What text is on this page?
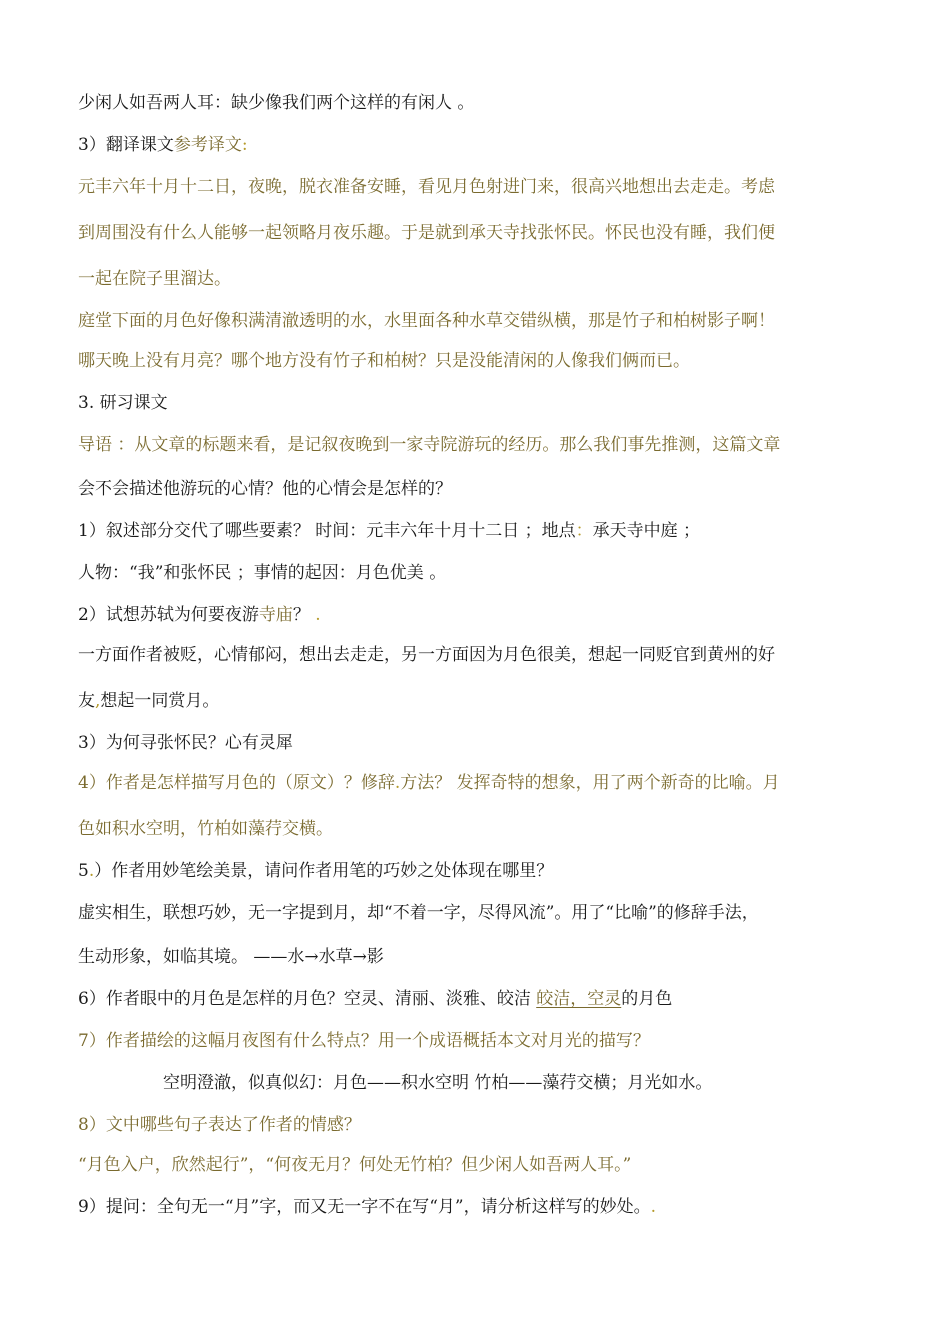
少闲人如吾两人耳：缺少像我们两个这样的有闲人 。
3）翻译课文参考译文:
元丰六年十月十二日，夜晚，脱衣准备安睡，看见月色射进门来，很高兴地想出去走走。考虑
到周围没有什么人能够一起领略月夜乐趣。于是就到承天寺找张怀民。怀民也没有睡，我们便
一起在院子里溜达。
庭堂下面的月色好像积满清澈透明的水，水里面各种水草交错纵横，那是竹子和柏树影子啊！
哪天晚上没有月亮？哪个地方没有竹子和柏树？只是没能清闲的人像我们俩而已。
3. 研习课文
导语 ：从文章的标题来看，是记叙夜晚到一家寺院游玩的经历。那么我们事先推测，这篇文章
会不会描述他游玩的心情？他的心情会是怎样的？
1）叙述部分交代了哪些要素？ 时间：元丰六年十月十二日 ；地点：承天寺中庭 ；
人物：“我”和张怀民 ；事情的起因：月色优美 。
2）试想苏轼为何要夜游寺庙？ .
一方面作者被贬，心情郁闷，想出去走走，另一方面因为月色很美，想起一同贬官到黄州的好
友,想起一同赏月。
3）为何寻张怀民？心有灵犀
4）作者是怎样描写月色的（原文）？修辞.方法？ 发挥奇特的想象，用了两个新奇的比喻。月
色如积水空明，竹柏如藻荇交横。
5.）作者用妙笔绘美景，请问作者用笔的巧妙之处体现在哪里？
虚实相生，联想巧妙，无一字提到月，却“不着一字，尽得风流”。用了“比喻”的修辞手法，
生动形象，如临其境。 ——水→水草→影
6）作者眼中的月色是怎样的月色？空灵、清丽、淡雅、皎洁 皎洁，空灵的月色
7）作者描绘的这幅月夜图有什么特点？用一个成语概括本文对月光的描写？
空明澄澈，似真似幻：月色——积水空明 竹柏——藻荇交横；月光如水。
8）文中哪些句子表达了作者的情感？
“月色入户，欣然起行”，“何夜无月？何处无竹柏？但少闲人如吾两人耳。”
9）提问：全句无一“月”字，而又无一字不在写“月”，请分析这样写的妙处。.
